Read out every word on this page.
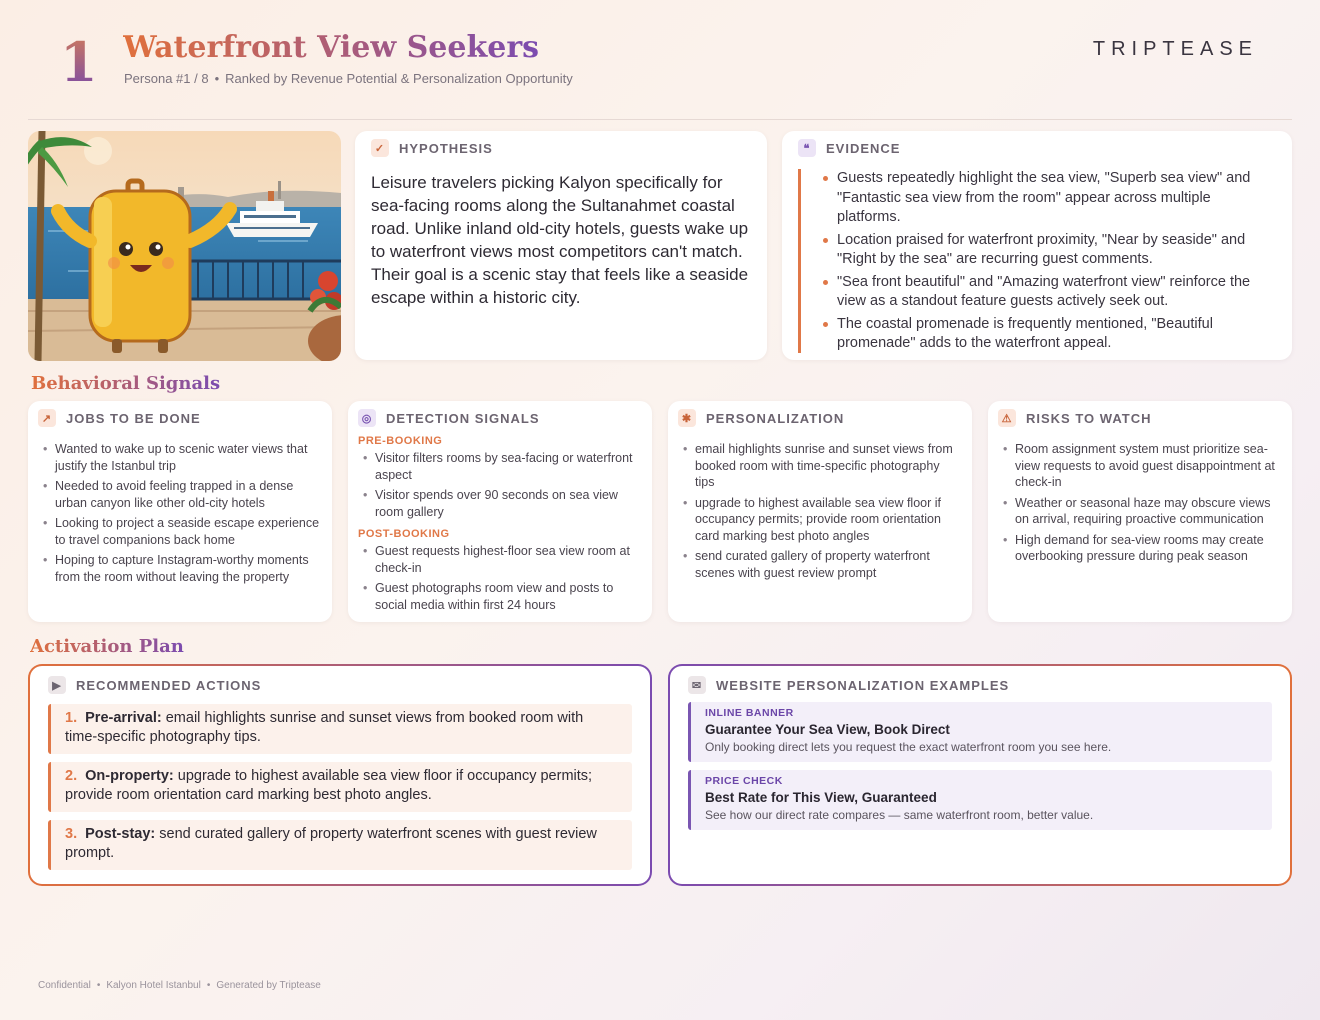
1 Waterfront View Seekers
Persona #1 / 8 • Ranked by Revenue Potential & Personalization Opportunity
TRIPTEASE
✓ HYPOTHESIS
Leisure travelers picking Kalyon specifically for sea-facing rooms along the Sultanahmet coastal road. Unlike inland old-city hotels, guests wake up to waterfront views most competitors can't match. Their goal is a scenic stay that feels like a seaside escape within a historic city.
❝	EVIDENCE
Guests repeatedly highlight the sea view, "Superb sea view" and "Fantastic sea view from the room" appear across multiple platforms.
Location praised for waterfront proximity, "Near by seaside" and "Right by the sea" are recurring guest comments.
"Sea front beautiful" and "Amazing waterfront view" reinforce the view as a standout feature guests actively seek out.
The coastal promenade is frequently mentioned, "Beautiful promenade" adds to the waterfront appeal.
Behavioral Signals
↗ JOBS TO BE DONE
• Wanted to wake up to scenic water views that justify the Istanbul trip
• Needed to avoid feeling trapped in a dense urban canyon like other old-city hotels
• Looking to project a seaside escape experience to travel companions back home
• Hoping to capture Instagram-worthy moments from the room without leaving the property
◎ DETECTION SIGNALS
PRE-BOOKING
• Visitor filters rooms by sea-facing or waterfront aspect
• Visitor spends over 90 seconds on sea view room gallery
POST-BOOKING
• Guest requests highest-floor sea view room at check-in
• Guest photographs room view and posts to social media within first 24 hours
✱ PERSONALIZATION
• email highlights sunrise and sunset views from booked room with time-specific photography tips
• upgrade to highest available sea view floor if occupancy permits; provide room orientation card marking best photo angles
• send curated gallery of property waterfront scenes with guest review prompt
⚠ RISKS TO WATCH
• Room assignment system must prioritize sea-view requests to avoid guest disappointment at check-in
• Weather or seasonal haze may obscure views on arrival, requiring proactive communication
• High demand for sea-view rooms may create overbooking pressure during peak season
Activation Plan
▶	RECOMMENDED ACTIONS
1. Pre-arrival: email highlights sunrise and sunset views from booked room with time-specific photography tips.
2. On-property: upgrade to highest available sea view floor if occupancy permits; provide room orientation card marking best photo angles.
3. Post-stay: send curated gallery of property waterfront scenes with guest review prompt.
✉ WEBSITE PERSONALIZATION EXAMPLES
INLINE BANNER
Guarantee Your Sea View, Book Direct
Only booking direct lets you request the exact waterfront room you see here.
PRICE CHECK
Best Rate for This View, Guaranteed
See how our direct rate compares — same waterfront room, better value.
Confidential • Kalyon Hotel Istanbul • Generated by Triptease
